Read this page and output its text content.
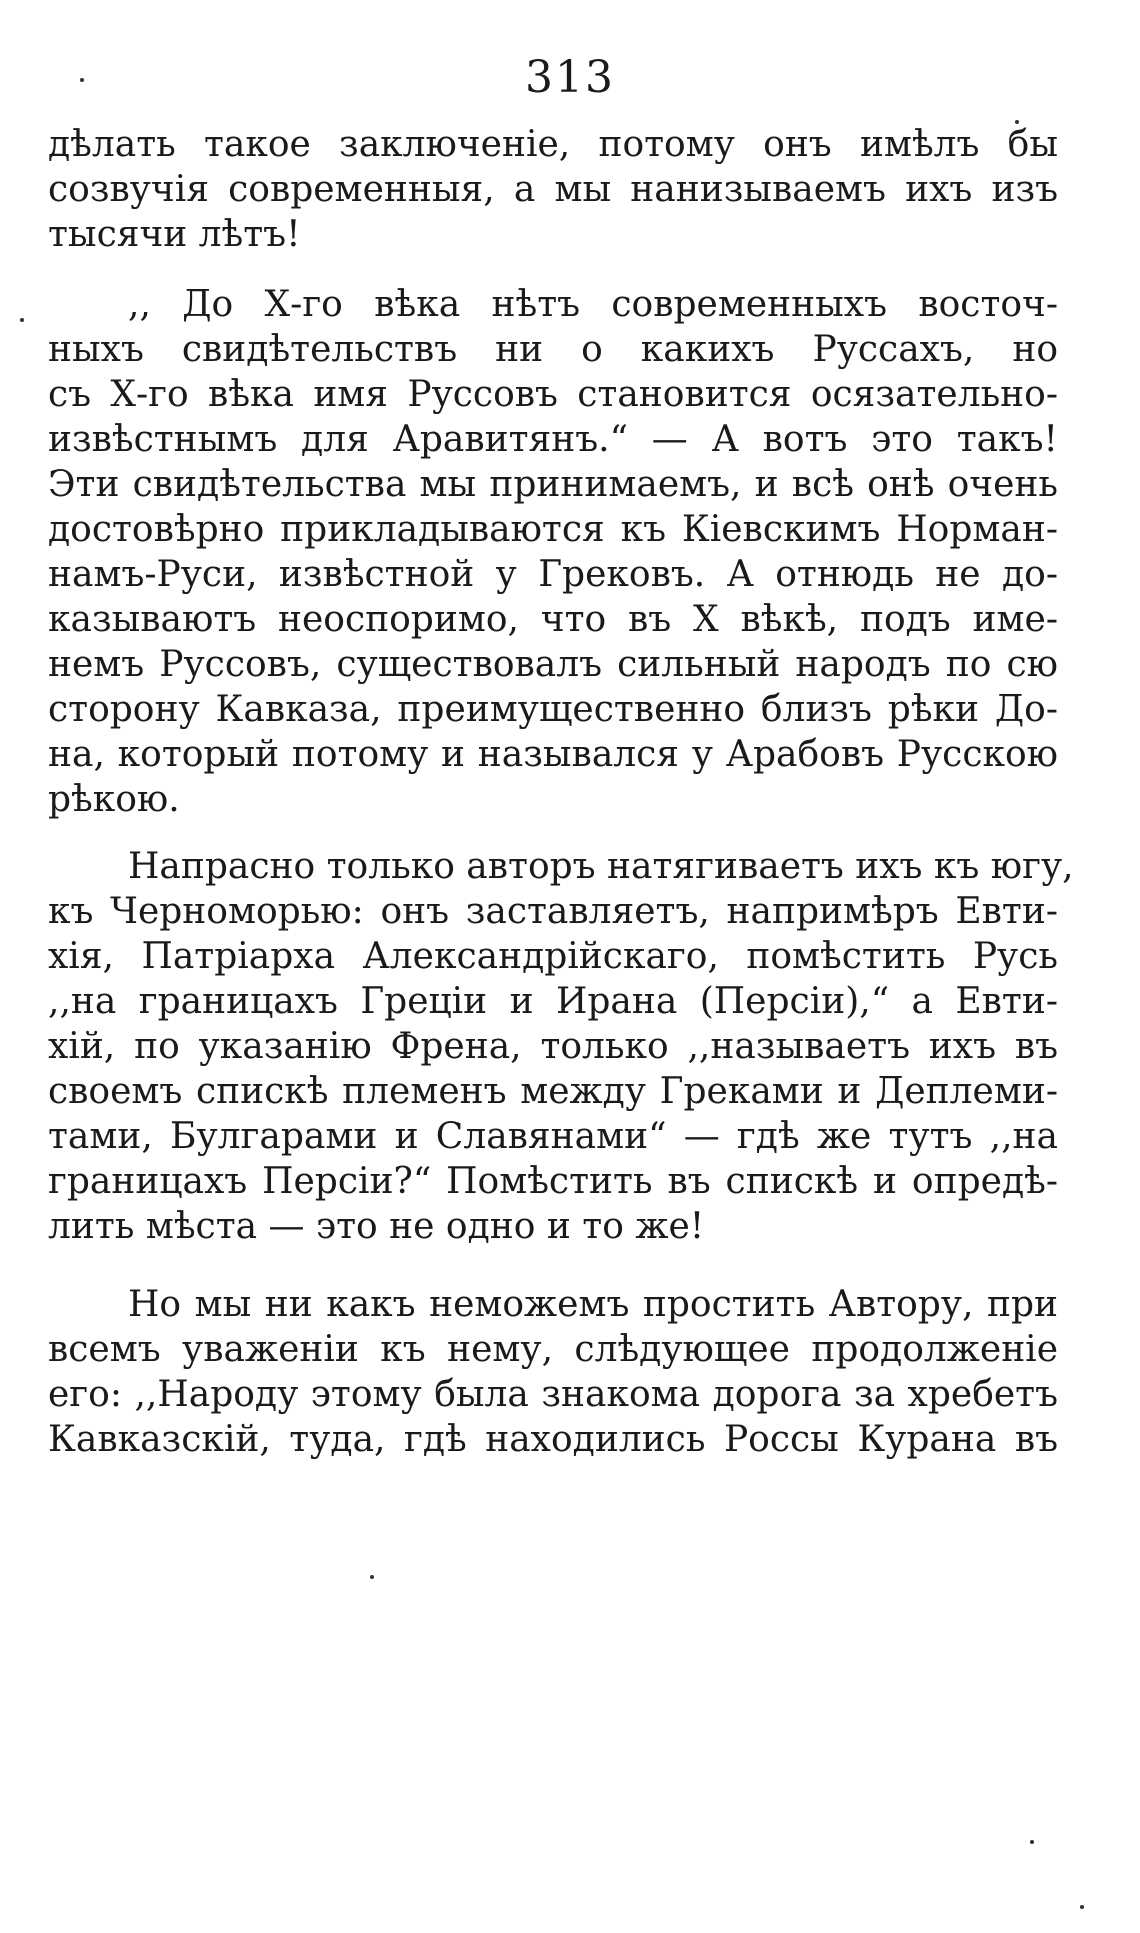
313
дѣлать такое заключеніе, потому онъ имѣлъ бы
созвучія современныя, а мы нанизываемъ ихъ изъ
тысячи лѣтъ!
,, До Х-го вѣка нѣтъ современныхъ восточ-
ныхъ свидѣтельствъ ни о какихъ Руссахъ, но
съ Х-го вѣка имя Руссовъ становится осязательно-
извѣстнымъ для Аравитянъ.“ — А вотъ это такъ!
Эти свидѣтельства мы принимаемъ, и всѣ онѣ очень
достовѣрно прикладываются къ Кіевскимъ Норман-
намъ-Руси, извѣстной у Грековъ. А отнюдь не до-
казываютъ неоспоримо, что въ Х вѣкѣ, подъ име-
немъ Руссовъ, существовалъ сильный народъ по сю
сторону Кавказа, преимущественно близъ рѣки До-
на, который потому и назывался у Арабовъ Русскою
рѣкою.
Напрасно только авторъ натягиваетъ ихъ къ югу,
къ Черноморью: онъ заставляетъ, напримѣръ Евти-
хія, Патріарха Александрійскаго, помѣстить Русь
,,на границахъ Греціи и Ирана (Персіи),“ а Евти-
хій, по указанію Френа, только ,,называетъ ихъ въ
своемъ спискѣ племенъ между Греками и Деплеми-
тами, Булгарами и Славянами“ — гдѣ же тутъ ,,на
границахъ Персіи?“ Помѣстить въ спискѣ и опредѣ-
лить мѣста — это не одно и то же!
Но мы ни какъ неможемъ простить Автору, при
всемъ уваженіи къ нему, слѣдующее продолженіе
его: ,,Народу этому была знакома дорога за хребетъ
Кавказскій, туда, гдѣ находились Россы Курана въ
